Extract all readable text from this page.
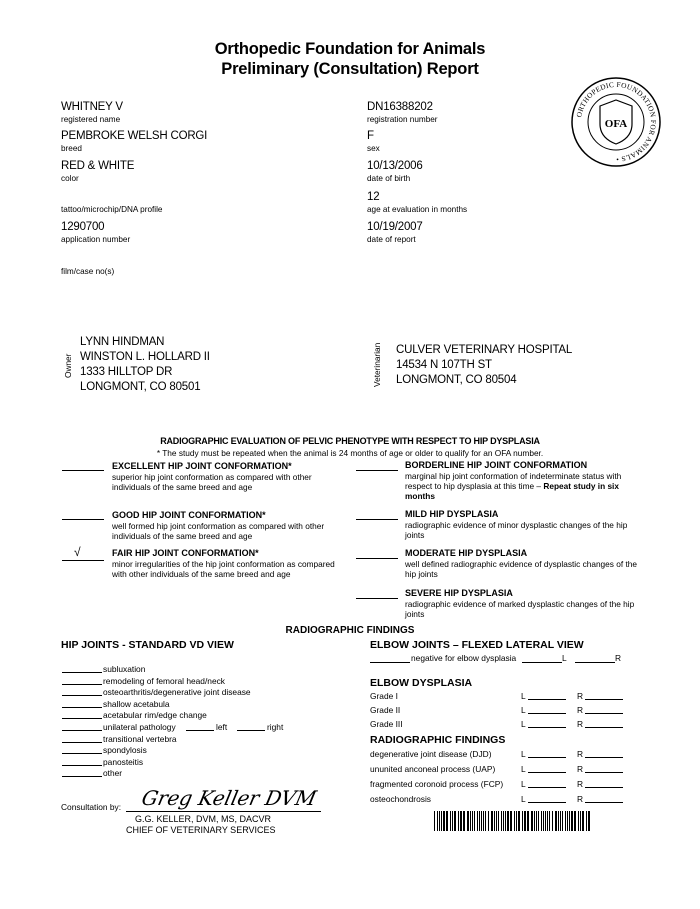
Orthopedic Foundation for Animals
Preliminary (Consultation) Report
ORTHOPEDIC FOUNDATION FOR ANIMALS •
OFA
WHITNEY V
registered name
PEMBROKE WELSH CORGI
breed
RED & WHITE
color
tattoo/microchip/DNA profile
1290700
application number
film/case no(s)
DN16388202
registration number
F
sex
10/13/2006
date of birth
12
age at evaluation in months
10/19/2007
date of report
Owner
LYNN HINDMAN
WINSTON L. HOLLARD II
1333 HILLTOP DR
LONGMONT, CO 80501	Veterinarian CULVER VETERINARY HOSPITAL
14534 N 107TH ST
LONGMONT, CO 80504
RADIOGRAPHIC EVALUATION OF PELVIC PHENOTYPE WITH RESPECT TO HIP DYSPLASIA
* The study must be repeated when the animal is 24 months of age or older to qualify for an OFA number.
EXCELLENT HIP JOINT CONFORMATION*
superior hip joint conformation as compared with other individuals of the same breed and age
GOOD HIP JOINT CONFORMATION*
well formed hip joint conformation as compared with other individuals of the same breed and age
√	FAIR HIP JOINT CONFORMATION*
minor irregularities of the hip joint conformation as compared with other individuals of the same breed and age
BORDERLINE HIP JOINT CONFORMATION
marginal hip joint conformation of indeterminate status with respect to hip dysplasia at this time – Repeat study in six months
MILD HIP DYSPLASIA
radiographic evidence of minor dysplastic changes of the hip joints
MODERATE HIP DYSPLASIA
well defined radiographic evidence of dysplastic changes of the hip joints
SEVERE HIP DYSPLASIA
radiographic evidence of marked dysplastic changes of the hip joints
RADIOGRAPHIC FINDINGS
HIP JOINTS - STANDARD VD VIEW	ELBOW JOINTS – FLEXED LATERAL VIEW
subluxation
remodeling of femoral head/neck
osteoarthritis/degenerative joint disease
shallow acetabula
acetabular rim/edge change
unilateral pathology	left	right
transitional vertebra
spondylosis
panosteitis
other
negative for elbow dysplasia	L	R
ELBOW DYSPLASIA
Grade I	L	R
Grade II	L	R
Grade III	L	R
RADIOGRAPHIC FINDINGS
degenerative joint disease (DJD)	L	R
ununited anconeal process (UAP)	L	R
fragmented coronoid process (FCP) L	R
osteochondrosis	L	R
Consultation by: Greg Keller DVM
G.G. KELLER, DVM, MS, DACVR
CHIEF OF VETERINARY SERVICES
